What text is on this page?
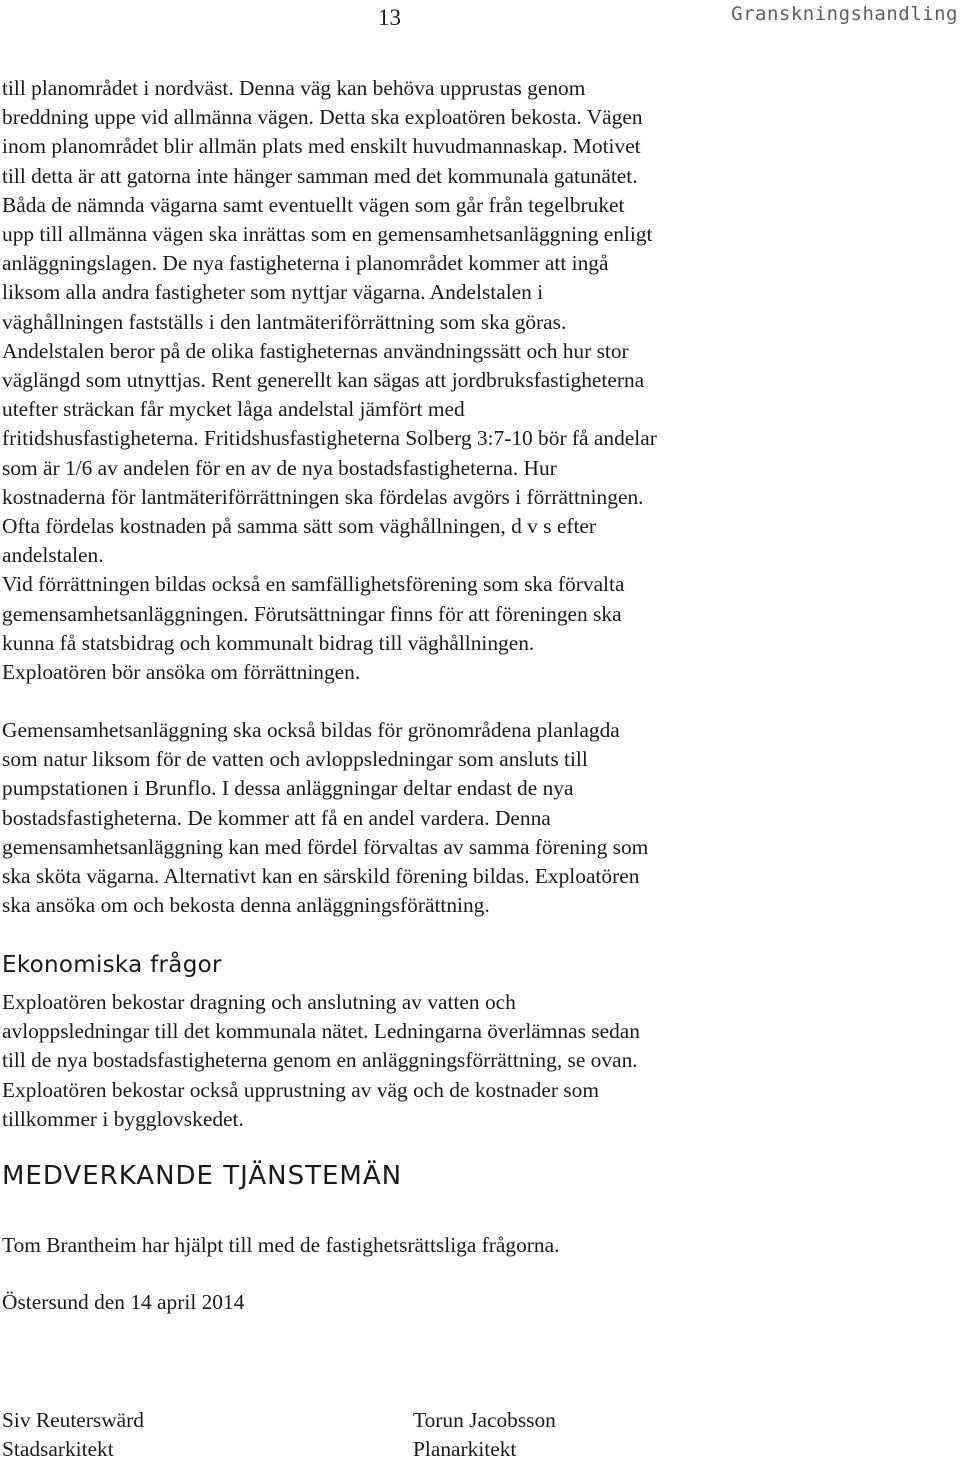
13	Granskningshandling

till planområdet i nordväst. Denna väg kan behöva upprustas genom
breddning uppe vid allmänna vägen. Detta ska exploatören bekosta. Vägen
inom planområdet blir allmän plats med enskilt huvudmannaskap. Motivet
till detta är att gatorna inte hänger samman med det kommunala gatunätet.
Båda de nämnda vägarna samt eventuellt vägen som går från tegelbruket
upp till allmänna vägen ska inrättas som en gemensamhetsanläggning enligt
anläggningslagen. De nya fastigheterna i planområdet kommer att ingå
liksom alla andra fastigheter som nyttjar vägarna. Andelstalen i
väghållningen fastställs i den lantmäteriförrättning som ska göras.
Andelstalen beror på de olika fastigheternas användningssätt och hur stor
väglängd som utnyttjas. Rent generellt kan sägas att jordbruksfastigheterna
utefter sträckan får mycket låga andelstal jämfört med
fritidshusfastigheterna. Fritidshusfastigheterna Solberg 3:7-10 bör få andelar
som är 1/6 av andelen för en av de nya bostadsfastigheterna. Hur
kostnaderna för lantmäteriförrättningen ska fördelas avgörs i förrättningen.
Ofta fördelas kostnaden på samma sätt som väghållningen, d v s efter
andelstalen.
Vid förrättningen bildas också en samfällighetsförening som ska förvalta
gemensamhetsanläggningen. Förutsättningar finns för att föreningen ska
kunna få statsbidrag och kommunalt bidrag till väghållningen.
Exploatören bör ansöka om förrättningen.

Gemensamhetsanläggning ska också bildas för grönområdena planlagda
som natur liksom för de vatten och avloppsledningar som ansluts till
pumpstationen i Brunflo. I dessa anläggningar deltar endast de nya
bostadsfastigheterna. De kommer att få en andel vardera. Denna
gemensamhetsanläggning kan med fördel förvaltas av samma förening som
ska sköta vägarna. Alternativt kan en särskild förening bildas. Exploatören
ska ansöka om och bekosta denna anläggningsförättning.

Ekonomiska frågor

Exploatören bekostar dragning och anslutning av vatten och
avloppsledningar till det kommunala nätet. Ledningarna överlämnas sedan
till de nya bostadsfastigheterna genom en anläggningsförrättning, se ovan.
Exploatören bekostar också upprustning av väg och de kostnader som
tillkommer i bygglovskedet.

MEDVERKANDE TJÄNSTEMÄN

Tom Brantheim har hjälpt till med de fastighetsrättsliga frågorna.

Östersund den 14 april 2014

Siv Reuterswärd
Stadsarkitekt
Torun Jacobsson
Planarkitekt
